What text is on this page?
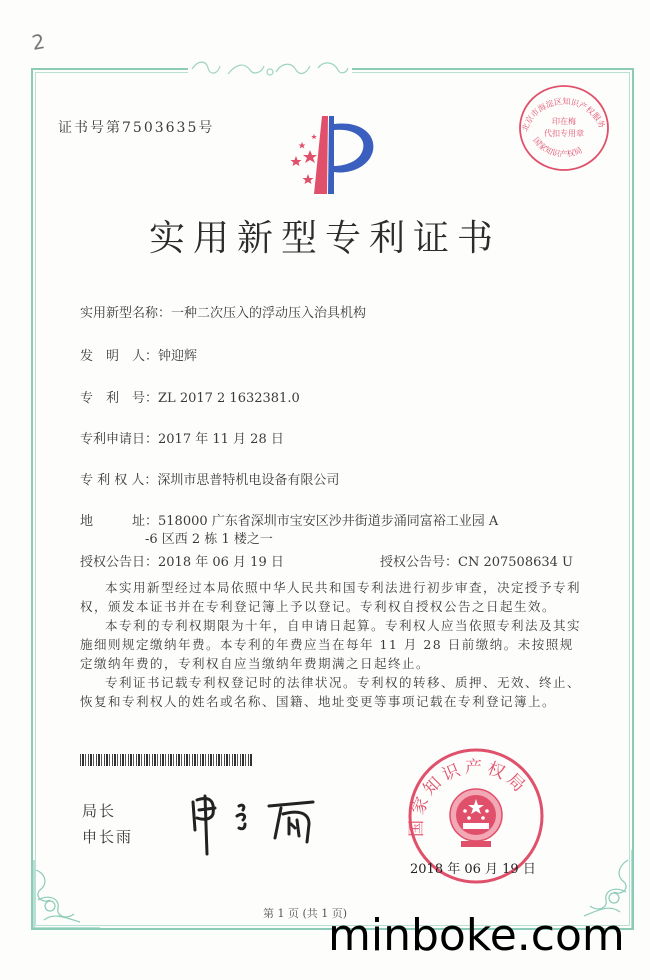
2
证书号第7503635号	印在梅
代扣专用章
北京市海淀区知识产权服务
国家知识产权局
实用新型专利证书
实用新型名称：一种二次压入的浮动压入治具机构
发　明　人：钟迎辉
专　利　号：ZL 2017 2 1632381.0
专利申请日：2017 年 11 月 28 日
专 利 权 人：深圳市思普特机电设备有限公司
地　　　址：518000 广东省深圳市宝安区沙井街道步涌同富裕工业园 A
-6 区西 2 栋 1 楼之一
授权公告日：2018 年 06 月 19 日	授权公告号：CN 207508634 U

本实用新型经过本局依照中华人民共和国专利法进行初步审查，决定授予专利权，颁发本证书并在专利登记簿上予以登记。专利权自授权公告之日起生效。

本专利的专利权期限为十年，自申请日起算。专利权人应当依照专利法及其实施细则规定缴纳年费。本专利的年费应当在每年 11 月 28 日前缴纳。未按照规定缴纳年费的，专利权自应当缴纳年费期满之日起终止。

专利证书记载专利权登记时的法律状况。专利权的转移、质押、无效、终止、恢复和专利权人的姓名或名称、国籍、地址变更等事项记载在专利登记簿上。

局长
申长雨	国家知识产权局
2018 年 06 月 19 日
第 1 页 (共 1 页)
minboke.com
